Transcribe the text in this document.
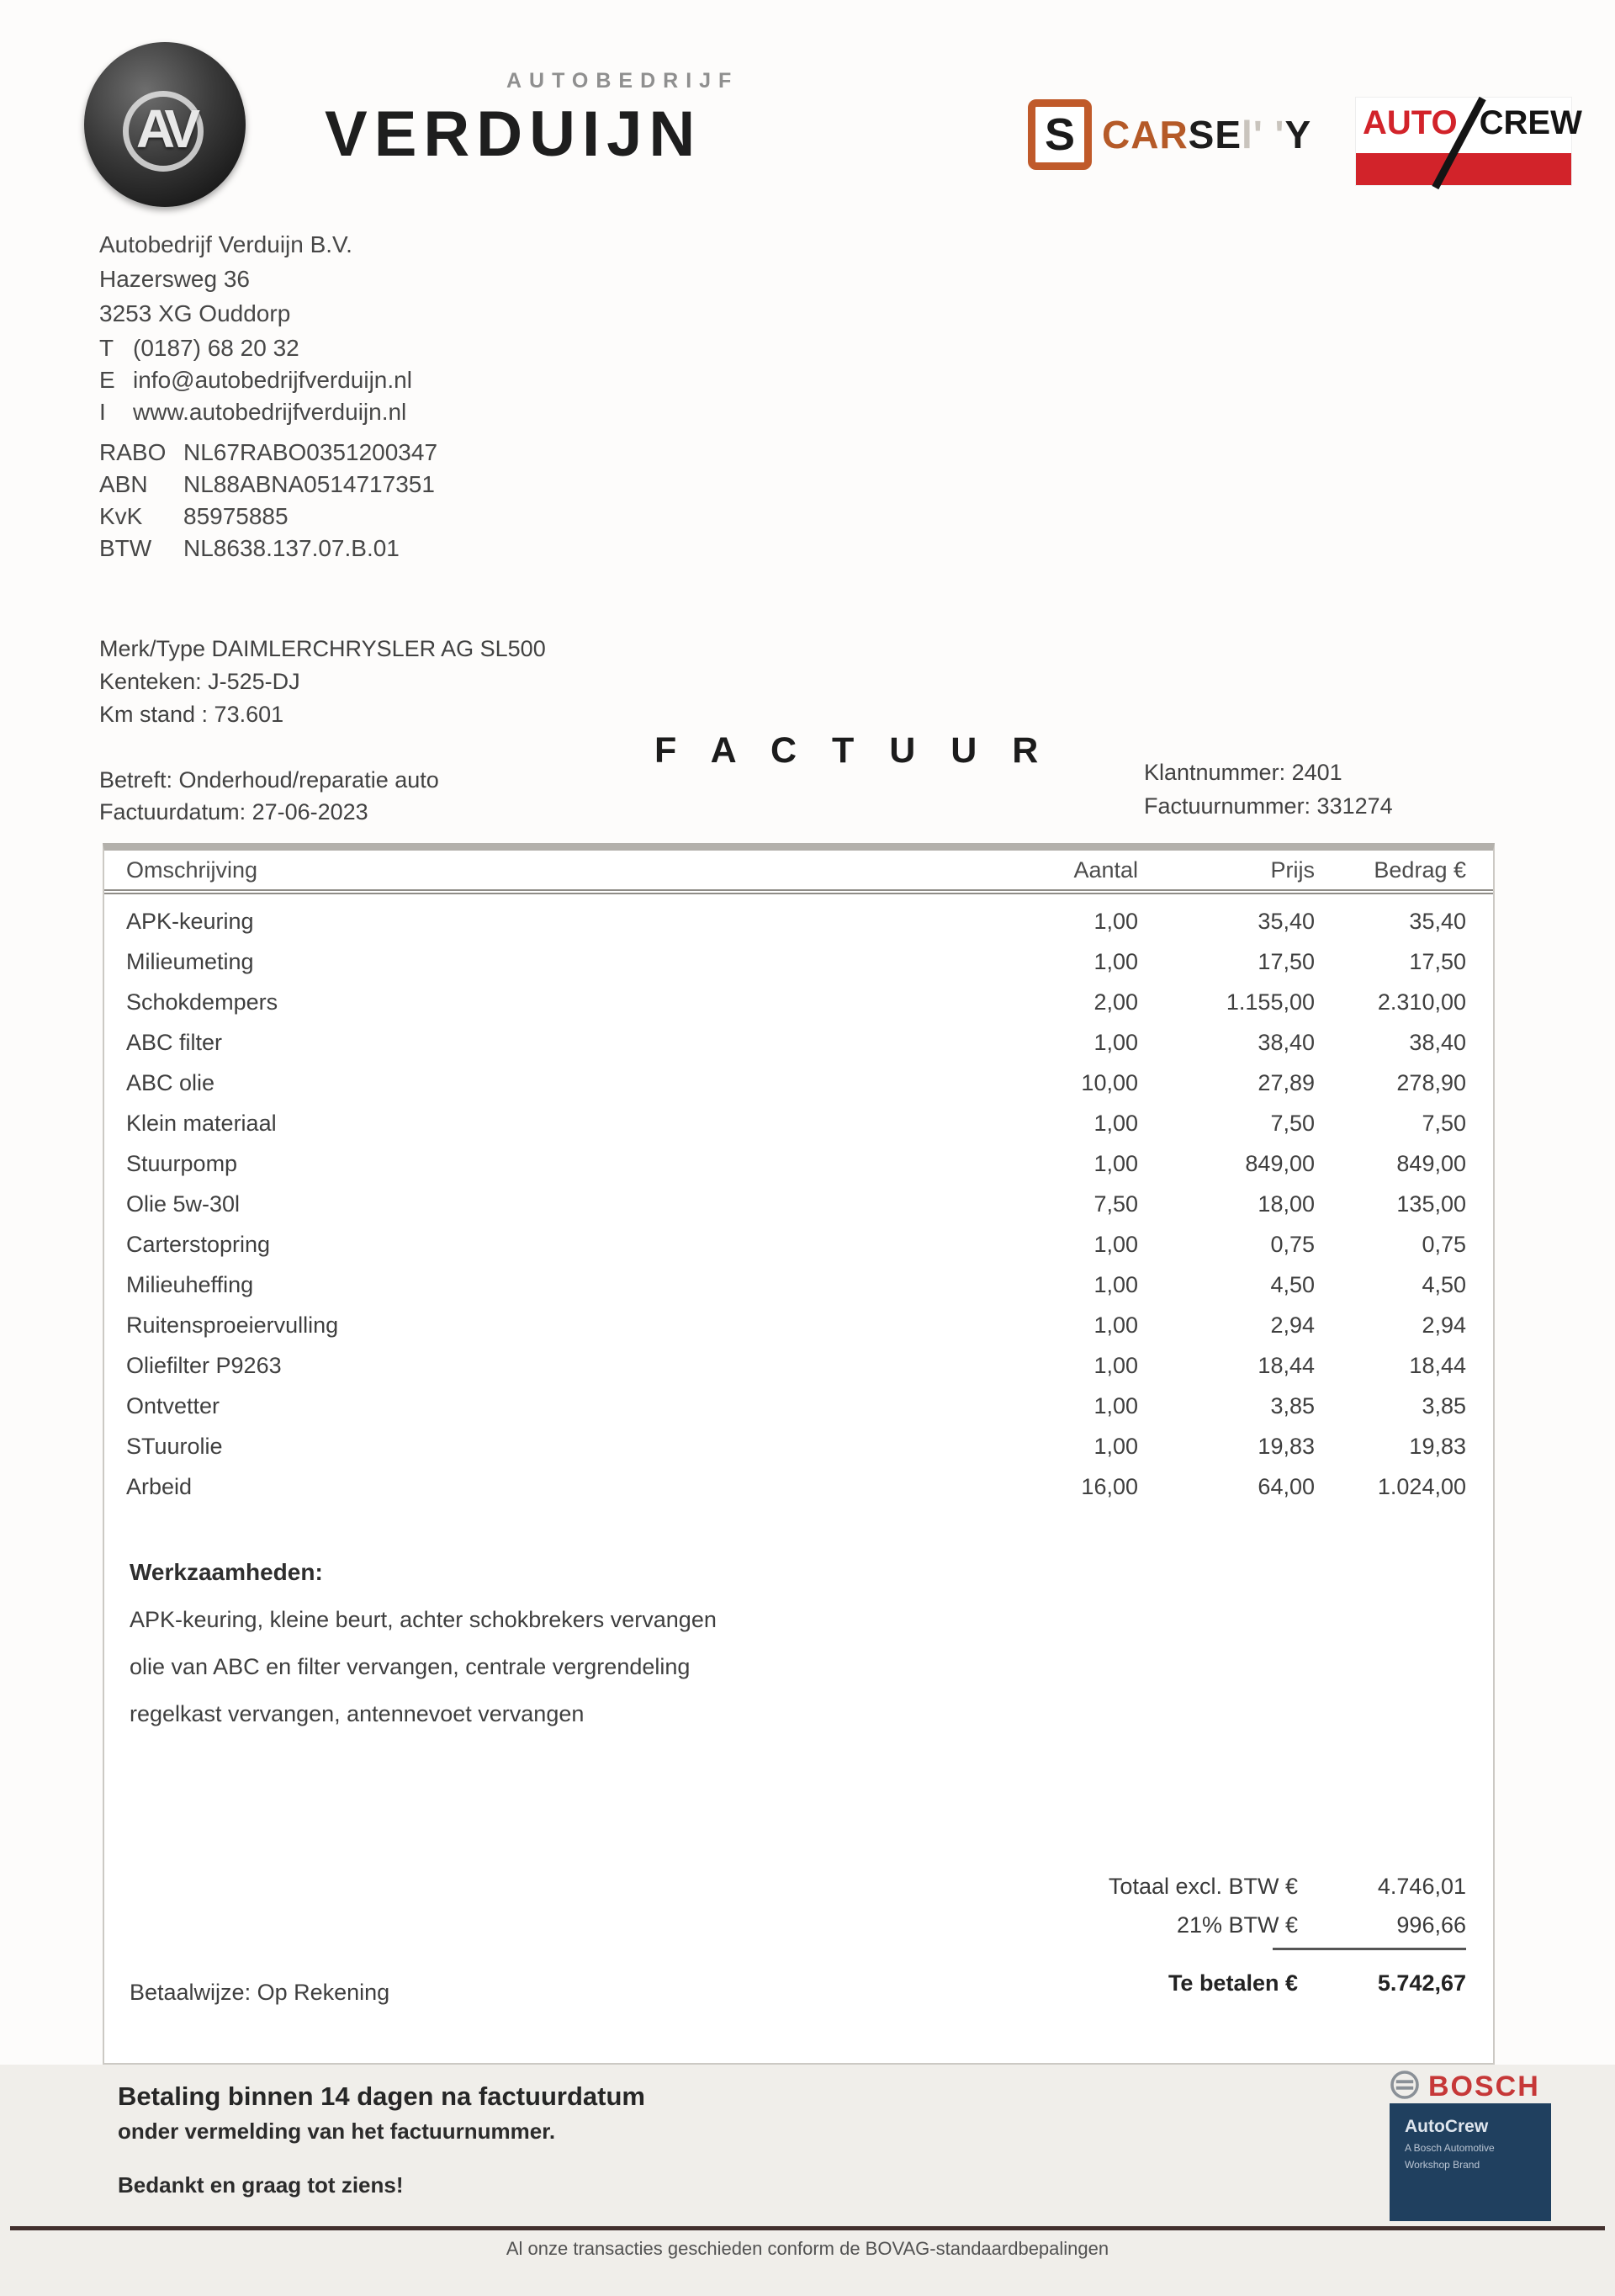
AV
AUTOBEDRIJF
VERDUIJN	S CARSEl' 'Y AUTO CREW
Autobedrijf Verduijn B.V.
Hazersweg 36
3253 XG Ouddorp
T (0187) 68 20 32
E info@autobedrijfverduijn.nl
I	www.autobedrijfverduijn.nl
RABO NL67RABO0351200347
ABN	NL88ABNA0514717351
KvK	85975885
BTW	NL8638.137.07.B.01
Merk/Type DAIMLERCHRYSLER AG SL500
Kenteken: J-525-DJ
Km stand : 73.601
F A C T U U R
Betreft: Onderhoud/reparatie auto
Factuurdatum: 27-06-2023
Klantnummer: 2401
Factuurnummer: 331274
Omschrijving	Aantal	Prijs	Bedrag €
APK-keuring	1,00	35,40	35,40
Milieumeting	1,00	17,50	17,50
Schokdempers	2,00	1.155,00	2.310,00
ABC filter	1,00	38,40	38,40
ABC olie	10,00	27,89	278,90
Klein materiaal	1,00	7,50	7,50
Stuurpomp	1,00	849,00	849,00
Olie 5w-30l	7,50	18,00	135,00
Carterstopring	1,00	0,75	0,75
Milieuheffing	1,00	4,50	4,50
Ruitensproeiervulling	1,00	2,94	2,94
Oliefilter P9263	1,00	18,44	18,44
Ontvetter	1,00	3,85	3,85
STuurolie	1,00	19,83	19,83
Arbeid	16,00	64,00	1.024,00
Werkzaamheden:
APK-keuring, kleine beurt, achter schokbrekers vervangen
olie van ABC en filter vervangen, centrale vergrendeling
regelkast vervangen, antennevoet vervangen
Totaal excl. BTW €	4.746,01
21% BTW €	996,66
Te betalen €	5.742,67
Betaalwijze: Op Rekening
Betaling binnen 14 dagen na factuurdatum
onder vermelding van het factuurnummer.
Bedankt en graag tot ziens!
BOSCH
AutoCrew
A Bosch Automotive
Workshop Brand
Al onze transacties geschieden conform de BOVAG-standaardbepalingen
